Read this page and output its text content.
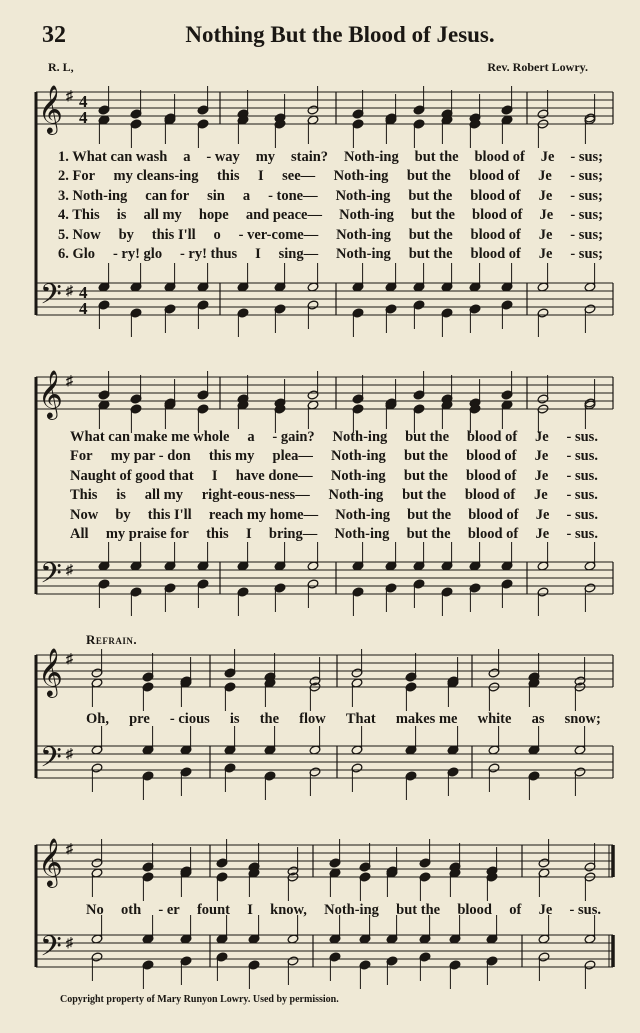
32	Nothing But the Blood of Jesus.
R. L,	Rev. Robert Lowry.
𝄞
𝄢
♯
♯
4
4
4
4
𝄞
𝄢
♯
♯
𝄞
𝄢
♯
♯
𝄞
𝄢
♯
♯
1. What can wash a - way my stain? Noth-ing but the blood of Je - sus;
2. For my cleans-ing this I see— Noth-ing but the blood of Je - sus;
3. Noth-ing can for sin a - tone— Noth-ing but the blood of Je - sus;
4. This is all my hope and peace— Noth-ing but the blood of Je - sus;
5. Now by this I'll o - ver-come— Noth-ing but the blood of Je - sus;
6. Glo - ry! glo - ry! thus I sing— Noth-ing but the blood of Je - sus;
What can make me whole a - gain? Noth-ing but the blood of Je - sus.
For my par - don this my plea— Noth-ing but the blood of Je - sus.
Naught of good that I have done— Noth-ing but the blood of Je - sus.
This is all my right-eous-ness— Noth-ing but the blood of Je - sus.
Now by this I'll reach my home— Noth-ing but the blood of Je - sus.
All my praise for this I bring— Noth-ing but the blood of Je - sus.
Refrain.
Oh, pre - cious is the flow That makes me white as snow;
No oth - er fount I know, Noth-ing but the blood of Je - sus.
Copyright property of Mary Runyon Lowry. Used by permission.
